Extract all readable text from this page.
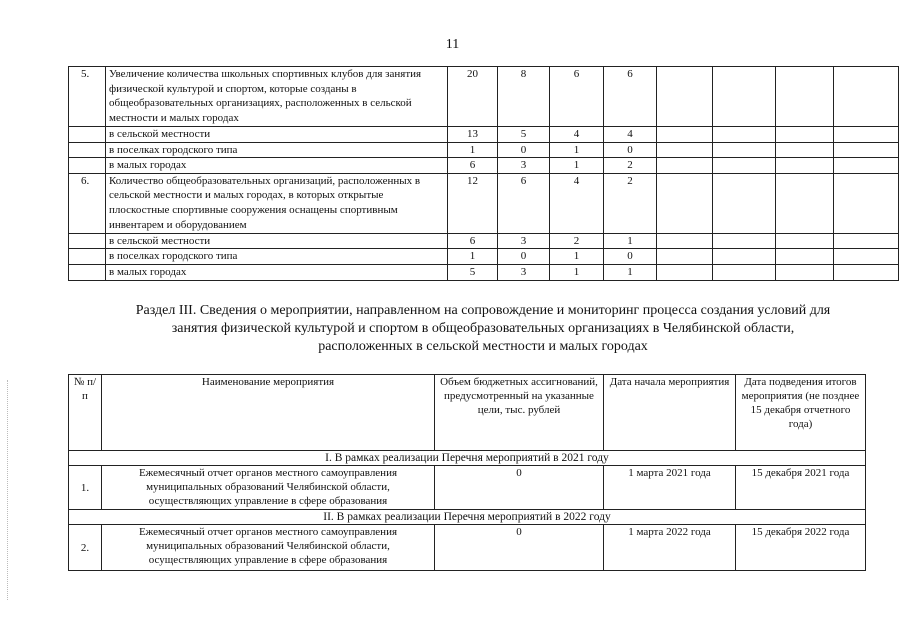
11
5.	Увеличение количества школьных спортивных клубов для занятия физической культурой и спортом, которые созданы в общеобразовательных организациях, расположенных в сельской местности и малых городах	20	8	6	6				
	в сельской местности	13	5	4	4				
	в поселках городского типа	1	0	1	0				
	в малых городах	6	3	1	2				
6.	Количество общеобразовательных организаций, расположенных в сельской местности и малых городах, в которых открытые плоскостные спортивные сооружения оснащены спортивным инвентарем и оборудованием	12	6	4	2				
	в сельской местности	6	3	2	1				
	в поселках городского типа	1	0	1	0				
	в малых городах	5	3	1	1				
Раздел III. Сведения о мероприятии, направленном на сопровождение и мониторинг процесса создания условий для
занятия физической культурой и спортом в общеобразовательных организациях в Челябинской области,
расположенных в сельской местности и малых городах
№ п/п	Наименование мероприятия	Объем бюджетных ассигнований, предусмотренный на указанные цели, тыс. рублей	Дата начала мероприятия	Дата подведения итогов мероприятия (не позднее 15 декабря отчетного года)
I. В рамках реализации Перечня мероприятий в 2021 году				
1.	Ежемесячный отчет органов местного самоуправления муниципальных образований Челябинской области, осуществляющих управление в сфере образования	0	1 марта 2021 года	15 декабря 2021 года
II. В рамках реализации Перечня мероприятий в 2022 году				
2.	Ежемесячный отчет органов местного самоуправления муниципальных образований Челябинской области, осуществляющих управление в сфере образования	0	1 марта 2022 года	15 декабря 2022 года
